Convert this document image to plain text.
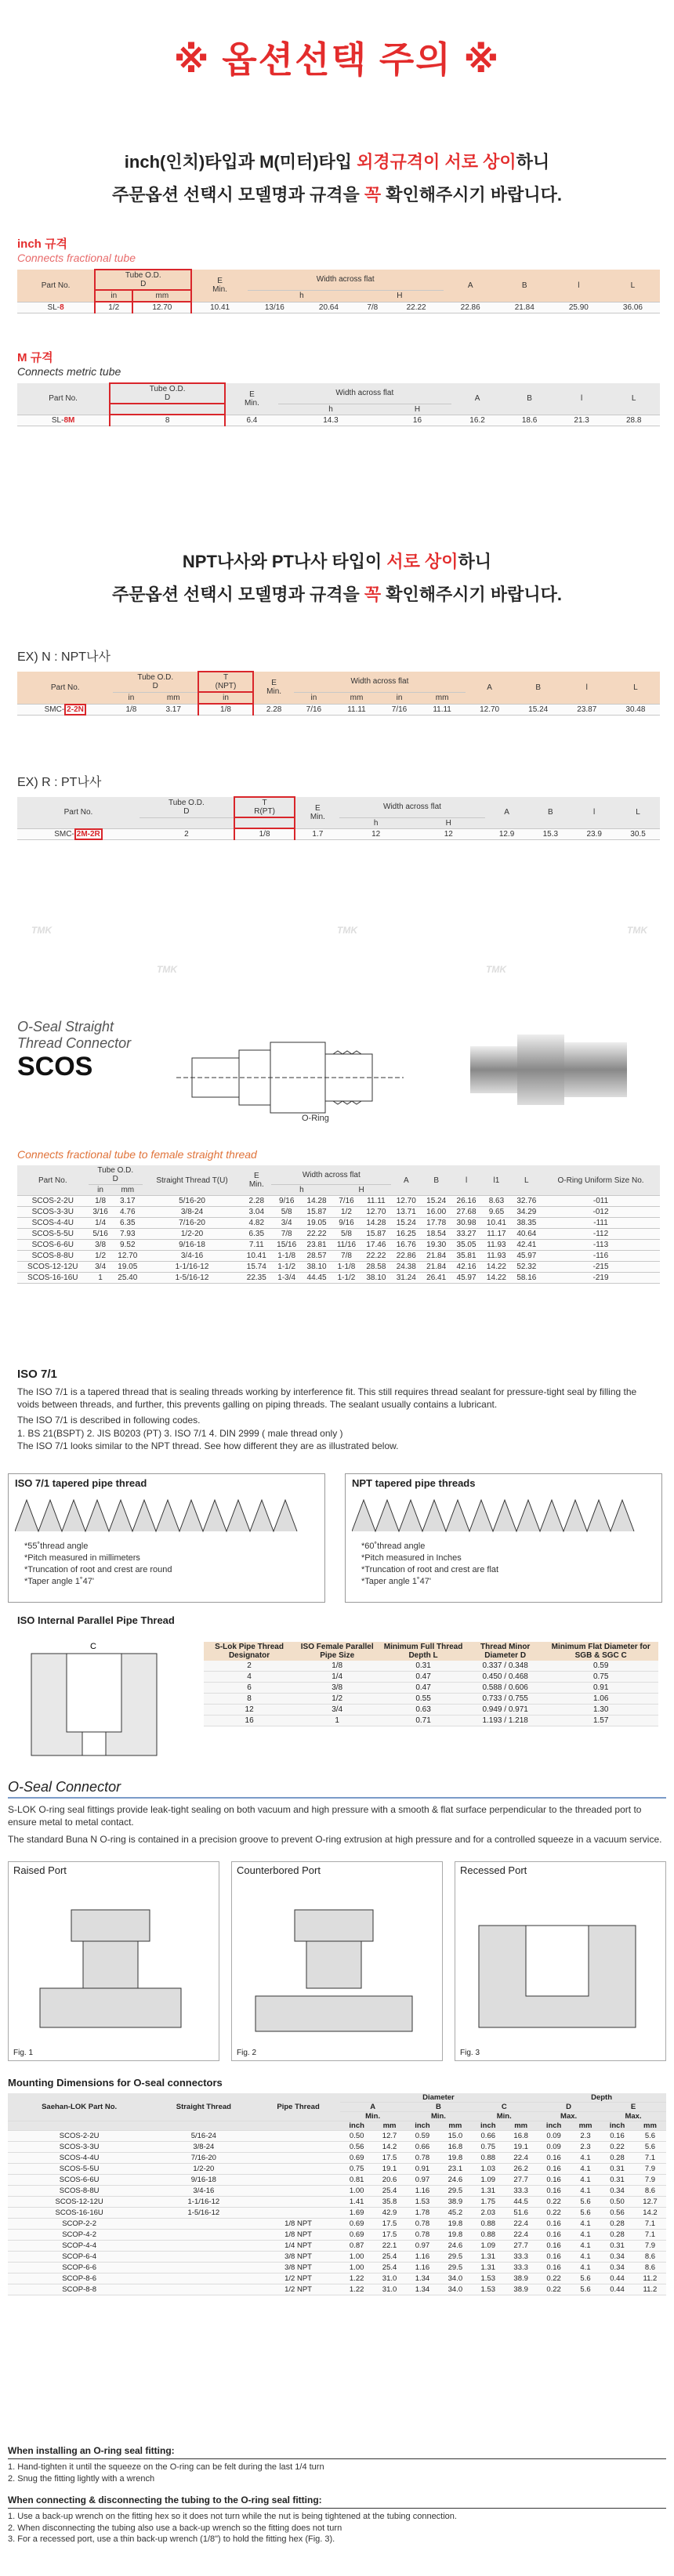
※ 옵션선택 주의 ※
inch(인치)타입과 M(미터)타입 외경규격이 서로 상이하니
주문옵션 선택시 모델명과 규격을 꼭 확인해주시기 바랍니다.
inch 규격
Connects fractional tube
Part No.	Tube O.D.
D		E
Min.	Width across flat				A	B	l	L
	in	mm		h		H					
SL-8	1/2	12.70	10.41	13/16	20.64	7/8	22.22	22.86	21.84	25.90	36.06
M 규격
Connects metric tube
Part No.	Tube O.D.
D	E
Min.	Width across flat		A	B	l	L
			h	H				
SL-8M	8	6.4	14.3	16	16.2	18.6	21.3	28.8
NPT나사와 PT나사 타입이 서로 상이하니
주문옵션 선택시 모델명과 규격을 꼭 확인해주시기 바랍니다.
EX) N : NPT나사
Part No.	Tube O.D.
D		T
(NPT)	E
Min.	Width across flat				A	B	l	L
	in	mm	in		in	mm	in	mm				
SMC- 2-2N	1/8	3.17	1/8	2.28	7/16	11.11	7/16	11.11	12.70	15.24	23.87	30.48
EX) R : PT나사
Part No.	Tube O.D.
D	T
R(PT)	E
Min.	Width across flat		A	B	l	L
				h	H				
SMC- 2M-2R	2	1/8	1.7	12	12	12.9	15.3	23.9	30.5
TMK	TMK	TMK
TMK	TMK
O-Seal Straight
Thread Connector
SCOS
O-Ring
Connects fractional tube to female straight thread
Part No.	Tube O.D.
D		Straight Thread T(U)	E
Min.	Width across flat				A	B	l	l1	L	O-Ring Uniform Size No.
	in	mm			h		H							
SCOS-2-2U	1/8	3.17	5/16-20	2.28	9/16	14.28	7/16	11.11	12.70	15.24	26.16	8.63	32.76	-011
SCOS-3-3U	3/16	4.76	3/8-24	3.04	5/8	15.87	1/2	12.70	13.71	16.00	27.68	9.65	34.29	-012
SCOS-4-4U	1/4	6.35	7/16-20	4.82	3/4	19.05	9/16	14.28	15.24	17.78	30.98	10.41	38.35	-111
SCOS-5-5U	5/16	7.93	1/2-20	6.35	7/8	22.22	5/8	15.87	16.25	18.54	33.27	11.17	40.64	-112
SCOS-6-6U	3/8	9.52	9/16-18	7.11	15/16	23.81	11/16	17.46	16.76	19.30	35.05	11.93	42.41	-113
SCOS-8-8U	1/2	12.70	3/4-16	10.41	1-1/8	28.57	7/8	22.22	22.86	21.84	35.81	11.93	45.97	-116
SCOS-12-12U	3/4	19.05	1-1/16-12	15.74	1-1/2	38.10	1-1/8	28.58	24.38	21.84	42.16	14.22	52.32	-215
SCOS-16-16U	1	25.40	1-5/16-12	22.35	1-3/4	44.45	1-1/2	38.10	31.24	26.41	45.97	14.22	58.16	-219
ISO 7/1
The ISO 7/1 is a tapered thread that is sealing threads working by interference fit. This still requires thread sealant for pressure-tight seal by filling the voids between threads, and further, this prevents galling on piping threads. The sealant usually contains a lubricant.
The ISO 7/1 is described in following codes.
1. BS 21(BSPT) 2. JIS B0203 (PT) 3. ISO 7/1 4. DIN 2999 ( male thread only )
The ISO 7/1 looks similar to the NPT thread. See how different they are as illustrated below.
ISO 7/1 tapered pipe thread
*55˚thread angle
*Pitch measured in millimeters
*Truncation of root and crest are round
*Taper angle 1˚47'
NPT tapered pipe threads
*60˚thread angle
*Pitch measured in Inches
*Truncation of root and crest are flat
*Taper angle 1˚47'
ISO Internal Parallel Pipe Thread
C	S-Lok Pipe Thread Designator	ISO Female Parallel Pipe Size	Minimum Full Thread Depth L	Thread Minor Diameter D	Minimum Flat Diameter for SGB & SGC C
2	1/8	0.31	0.337 / 0.348	0.59
4	1/4	0.47	0.450 / 0.468	0.75
6	3/8	0.47	0.588 / 0.606	0.91
8	1/2	0.55	0.733 / 0.755	1.06
12	3/4	0.63	0.949 / 0.971	1.30
16	1	0.71	1.193 / 1.218	1.57
O-Seal Connector
S-LOK O-ring seal fittings provide leak-tight sealing on both vacuum and high pressure with a smooth & flat surface perpendicular to the threaded port to ensure metal to metal contact.
The standard Buna N O-ring is contained in a precision groove to prevent O-ring extrusion at high pressure and for a controlled squeeze in a vacuum service.
Raised Port
Fig. 1
Counterbored Port
Fig. 2
Recessed Port
Fig. 3
Mounting Dimensions for O-seal connectors
Saehan-LOK Part No.	Straight Thread	Pipe Thread	Diameter						Depth			
			A		B		C		D		E	
			Min.		Min.		Min.		Max.		Max.	
			inch	mm	inch	mm	inch	mm	inch	mm	inch	mm
SCOS-2-2U	5/16-24		0.50	12.7	0.59	15.0	0.66	16.8	0.09	2.3	0.16	5.6
SCOS-3-3U	3/8-24		0.56	14.2	0.66	16.8	0.75	19.1	0.09	2.3	0.22	5.6
SCOS-4-4U	7/16-20		0.69	17.5	0.78	19.8	0.88	22.4	0.16	4.1	0.28	7.1
SCOS-5-5U	1/2-20		0.75	19.1	0.91	23.1	1.03	26.2	0.16	4.1	0.31	7.9
SCOS-6-6U	9/16-18		0.81	20.6	0.97	24.6	1.09	27.7	0.16	4.1	0.31	7.9
SCOS-8-8U	3/4-16		1.00	25.4	1.16	29.5	1.31	33.3	0.16	4.1	0.34	8.6
SCOS-12-12U	1-1/16-12		1.41	35.8	1.53	38.9	1.75	44.5	0.22	5.6	0.50	12.7
SCOS-16-16U	1-5/16-12		1.69	42.9	1.78	45.2	2.03	51.6	0.22	5.6	0.56	14.2
SCOP-2-2		1/8 NPT	0.69	17.5	0.78	19.8	0.88	22.4	0.16	4.1	0.28	7.1
SCOP-4-2		1/8 NPT	0.69	17.5	0.78	19.8	0.88	22.4	0.16	4.1	0.28	7.1
SCOP-4-4		1/4 NPT	0.87	22.1	0.97	24.6	1.09	27.7	0.16	4.1	0.31	7.9
SCOP-6-4		3/8 NPT	1.00	25.4	1.16	29.5	1.31	33.3	0.16	4.1	0.34	8.6
SCOP-6-6		3/8 NPT	1.00	25.4	1.16	29.5	1.31	33.3	0.16	4.1	0.34	8.6
SCOP-8-6		1/2 NPT	1.22	31.0	1.34	34.0	1.53	38.9	0.22	5.6	0.44	11.2
SCOP-8-8		1/2 NPT	1.22	31.0	1.34	34.0	1.53	38.9	0.22	5.6	0.44	11.2
When installing an O-ring seal fitting:
1. Hand-tighten it until the squeeze on the O-ring can be felt during the last 1/4 turn
2. Snug the fitting lightly with a wrench
When connecting & disconnecting the tubing to the O-ring seal fitting:
1. Use a back-up wrench on the fitting hex so it does not turn while the nut is being tightened at the tubing connection.
2. When disconnecting the tubing also use a back-up wrench so the fitting does not turn
3. For a recessed port, use a thin back-up wrench (1/8") to hold the fitting hex (Fig. 3).
